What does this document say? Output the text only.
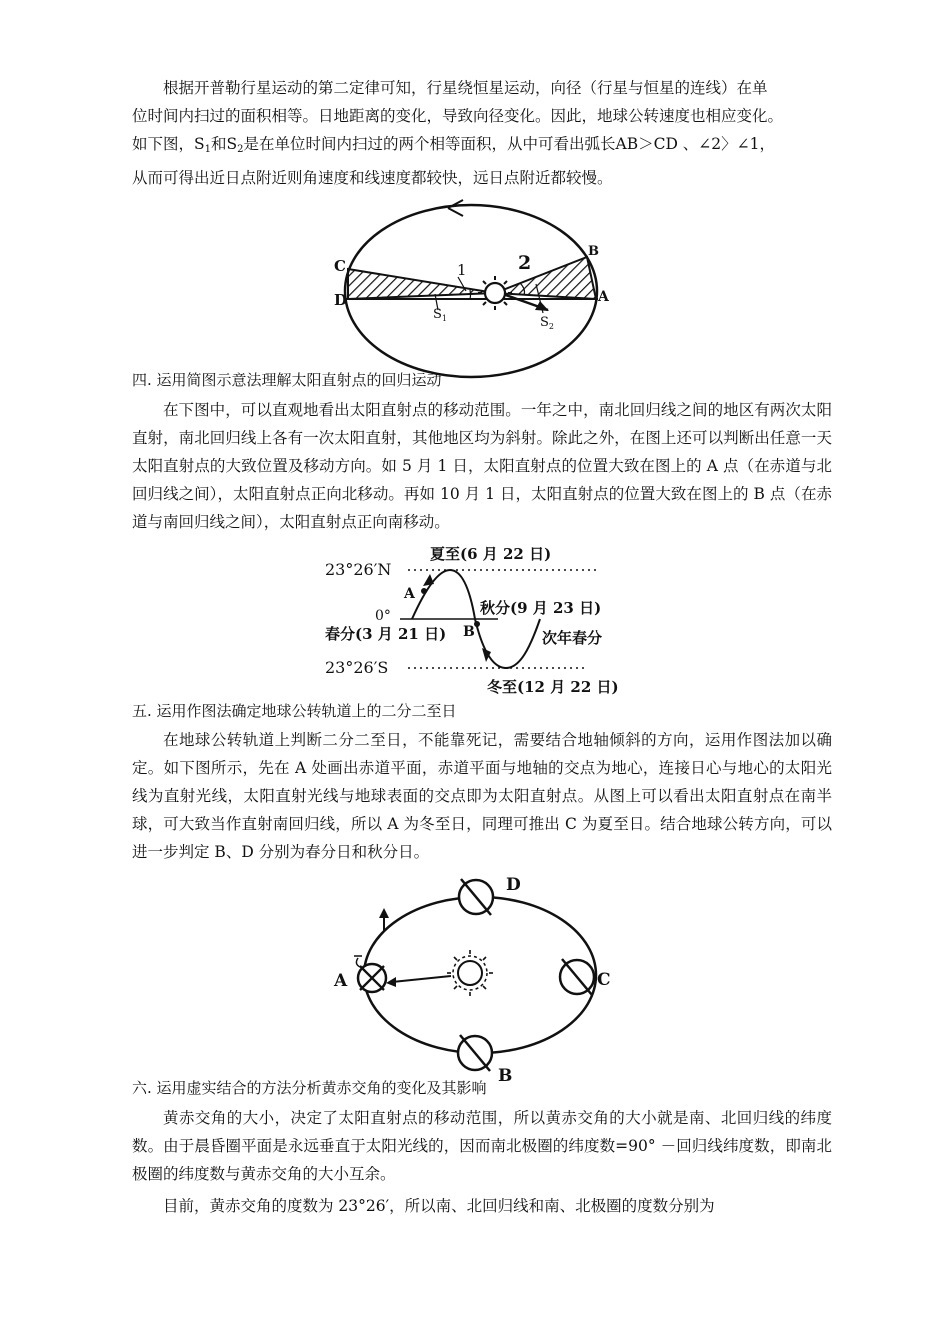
根据开普勒行星运动的第二定律可知，行星绕恒星运动，向径（行星与恒星的连线）在单
位时间内扫过的面积相等。日地距离的变化，导致向径变化。因此，地球公转速度也相应变化。
如下图，$S_1$和$S_2$是在单位时间内扫过的两个相等面积，从中可看出弧长AB＞CD 、∠2〉∠1，
从而可得出近日点附近则角速度和线速度都较快，远日点附近都较慢。
1	2
C
D
B
A
$S_1$	$S_2$
四. 运用简图示意法理解太阳直射点的回归运动

在下图中，可以直观地看出太阳直射点的移动范围。一年之中，南北回归线之间的地区有两次太阳直射，南北回归线上各有一次太阳直射，其他地区均为斜射。除此之外，在图上还可以判断出任意一天太阳直射点的大致位置及移动方向。如 5 月 1 日，太阳直射点的位置大致在图上的 A 点（在赤道与北回归线之间），太阳直射点正向北移动。再如 10 月 1 日，太阳直射点的位置大致在图上的 B 点（在赤道与南回归线之间），太阳直射点正向南移动。

23°26′N
0°
23°26′S
夏至(6 月 22 日)
秋分(9 月 23 日)
春分(3 月 21 日)	次年春分
冬至(12 月 22 日)
A
B
五. 运用作图法确定地球公转轨道上的二分二至日

在地球公转轨道上判断二分二至日，不能靠死记，需要结合地轴倾斜的方向，运用作图法加以确定。如下图所示，先在 A 处画出赤道平面，赤道平面与地轴的交点为地心，连接日心与地心的太阳光线为直射光线，太阳直射光线与地球表面的交点即为太阳直射点。从图上可以看出太阳直射点在南半球，可大致当作直射南回归线，所以 A 为冬至日，同理可推出 C 为夏至日。结合地球公转方向，可以进一步判定 B、D 分别为春分日和秋分日。

A
B
C
D
六. 运用虚实结合的方法分析黄赤交角的变化及其影响

黄赤交角的大小，决定了太阳直射点的移动范围，所以黄赤交角的大小就是南、北回归线的纬度数。由于晨昏圈平面是永远垂直于太阳光线的，因而南北极圈的纬度数=90° －回归线纬度数，即南北极圈的纬度数与黄赤交角的大小互余。

目前，黄赤交角的度数为 23°26′，所以南、北回归线和南、北极圈的度数分别为
